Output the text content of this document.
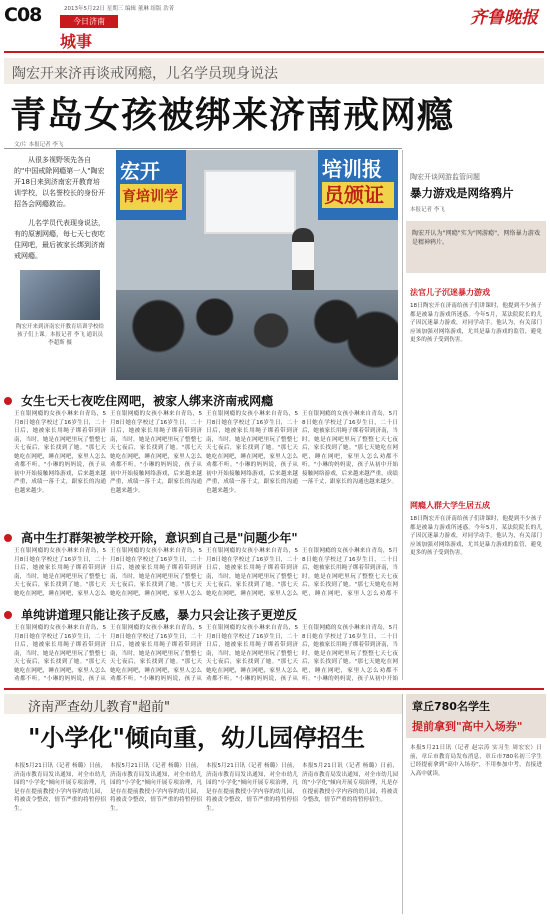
C08	2013年5月22日 星期三 编辑 董琳 组版 浩菁
今日济南
城事
齐鲁晚报
陶宏开来济再谈戒网瘾，儿名学员现身说法
青岛女孩被绑来济南戒网瘾
文/片 本报记者 李飞

从很多视野领先各自的"中国戒除网瘾第一人"陶宏开18日来到济南宏开教育培训学校，以名誉校长的身份开招各会网瘾救治。

儿名学员代表现身说法，有的原割网瘾，每七天七夜吃住网吧，最后被家长绑到济南戒网瘾。

陶宏开来到济南宏开教育培训学校给孩子们上课。本报记者 李飞 通讯员 李超斯 摄
宏开
育培训学
培训报
员颁证
女生七天七夜吃住网吧，被家人绑来济南戒网瘾
王在银网瘾的女孩小琳来自青岛，5月8日她在学校过了16岁生日，二十日后，她被家长用绳子绑着带到济南，当时，她是在网吧里玩了整整七天七夜后，家长找到了她。"那七天她吃在网吧，睡在网吧，家里人怎么劝都不听。"小琳的妈妈说，孩子从初中开始接触网络游戏，后来越来越严重，成绩一落千丈，跟家长的沟通也越来越少。
王在银网瘾的女孩小琳来自青岛，5月8日她在学校过了16岁生日，二十日后，她被家长用绳子绑着带到济南，当时，她是在网吧里玩了整整七天七夜后，家长找到了她。"那七天她吃在网吧，睡在网吧，家里人怎么劝都不听。"小琳的妈妈说，孩子从初中开始接触网络游戏，后来越来越严重，成绩一落千丈，跟家长的沟通也越来越少。
王在银网瘾的女孩小琳来自青岛，5月8日她在学校过了16岁生日，二十日后，她被家长用绳子绑着带到济南，当时，她是在网吧里玩了整整七天七夜后，家长找到了她。"那七天她吃在网吧，睡在网吧，家里人怎么劝都不听。"小琳的妈妈说，孩子从初中开始接触网络游戏，后来越来越严重，成绩一落千丈，跟家长的沟通也越来越少。
王在银网瘾的女孩小琳来自青岛，5月8日她在学校过了16岁生日，二十日后，她被家长用绳子绑着带到济南，当时，她是在网吧里玩了整整七天七夜后，家长找到了她。"那七天她吃在网吧，睡在网吧，家里人怎么劝都不听。"小琳的妈妈说，孩子从初中开始接触网络游戏，后来越来越严重，成绩一落千丈，跟家长的沟通也越来越少。
高中生打群架被学校开除，意识到自己是"问题少年"
王在银网瘾的女孩小琳来自青岛，5月8日她在学校过了16岁生日，二十日后，她被家长用绳子绑着带到济南，当时，她是在网吧里玩了整整七天七夜后，家长找到了她。"那七天她吃在网吧，睡在网吧，家里人怎么
王在银网瘾的女孩小琳来自青岛，5月8日她在学校过了16岁生日，二十日后，她被家长用绳子绑着带到济南，当时，她是在网吧里玩了整整七天七夜后，家长找到了她。"那七天她吃在网吧，睡在网吧，家里人怎么
王在银网瘾的女孩小琳来自青岛，5月8日她在学校过了16岁生日，二十日后，她被家长用绳子绑着带到济南，当时，她是在网吧里玩了整整七天七夜后，家长找到了她。"那七天她吃在网吧，睡在网吧，家里人怎么
王在银网瘾的女孩小琳来自青岛，5月8日她在学校过了16岁生日，二十日后，她被家长用绳子绑着带到济南，当时，她是在网吧里玩了整整七天七夜后，家长找到了她。"那七天她吃在网吧，睡在网吧，家里人怎么劝都不
单纯讲道理只能让孩子反感，暴力只会让孩子更逆反
王在银网瘾的女孩小琳来自青岛，5月8日她在学校过了16岁生日，二十日后，她被家长用绳子绑着带到济南，当时，她是在网吧里玩了整整七天七夜后，家长找到了她。"那七天她吃在网吧，睡在网吧，家里人怎么劝都不听。"小琳的妈妈说，孩子从
王在银网瘾的女孩小琳来自青岛，5月8日她在学校过了16岁生日，二十日后，她被家长用绳子绑着带到济南，当时，她是在网吧里玩了整整七天七夜后，家长找到了她。"那七天她吃在网吧，睡在网吧，家里人怎么劝都不听。"小琳的妈妈说，孩子从
王在银网瘾的女孩小琳来自青岛，5月8日她在学校过了16岁生日，二十日后，她被家长用绳子绑着带到济南，当时，她是在网吧里玩了整整七天七夜后，家长找到了她。"那七天她吃在网吧，睡在网吧，家里人怎么劝都不听。"小琳的妈妈说，孩子从
王在银网瘾的女孩小琳来自青岛，5月8日她在学校过了16岁生日，二十日后，她被家长用绳子绑着带到济南，当时，她是在网吧里玩了整整七天七夜后，家长找到了她。"那七天她吃在网吧，睡在网吧，家里人怎么劝都不听。"小琳的妈妈说，孩子从初中开始
陶宏开谈网游监管问题
暴力游戏是网络鸦片
本报记者 李飞
陶宏开认为"网瘾"实为"网游瘾"，网络暴力游戏是精神鸦片。
法官儿子沉迷暴力游戏
18日陶宏开在济南给孩子们讲课时，他提到不少孩子都是被暴力游戏所迷惑。今年5月，某法院院长的儿子因沉迷暴力游戏，对同学动手。他认为，有关部门应该加强对网络游戏，尤其是暴力游戏的监管，避免更多的孩子受到伤害。
网瘾人群大学生居五成
18日陶宏开在济南给孩子们讲课时，他提到不少孩子都是被暴力游戏所迷惑。今年5月，某法院院长的儿子因沉迷暴力游戏，对同学动手。他认为，有关部门应该加强对网络游戏，尤其是暴力游戏的监管，避免更多的孩子受到伤害。
济南严查幼儿教育"超前"
"小学化"倾向重，幼儿园停招生
本报5月21日讯（记者 杨璐）日前，济南市教育局发出通知，对全市幼儿园的"小学化"倾向开展专项治理，凡是存在提前教授小学内容的幼儿园，将被责令整改，情节严重的将暂停招生。
本报5月21日讯（记者 杨璐）日前，济南市教育局发出通知，对全市幼儿园的"小学化"倾向开展专项治理，凡是存在提前教授小学内容的幼儿园，将被责令整改，情节严重的将暂停招生。
本报5月21日讯（记者 杨璐）日前，济南市教育局发出通知，对全市幼儿园的"小学化"倾向开展专项治理，凡是存在提前教授小学内容的幼儿园，将被责令整改，情节严重的将暂停招生。
本报5月21日讯（记者 杨璐）日前，济南市教育局发出通知，对全市幼儿园的"小学化"倾向开展专项治理，凡是存在提前教授小学内容的幼儿园，将被责令整改，情节严重的将暂停招生。
章丘780名学生
提前拿到"高中入场券"
本报5月21日讯（记者 赵宗涛 实习生 周宏宏）日前，章丘市教育局发布消息，章丘市780名初三学生已经提前拿到"高中入场券"，不用参加中考，直接进入高中就读。
